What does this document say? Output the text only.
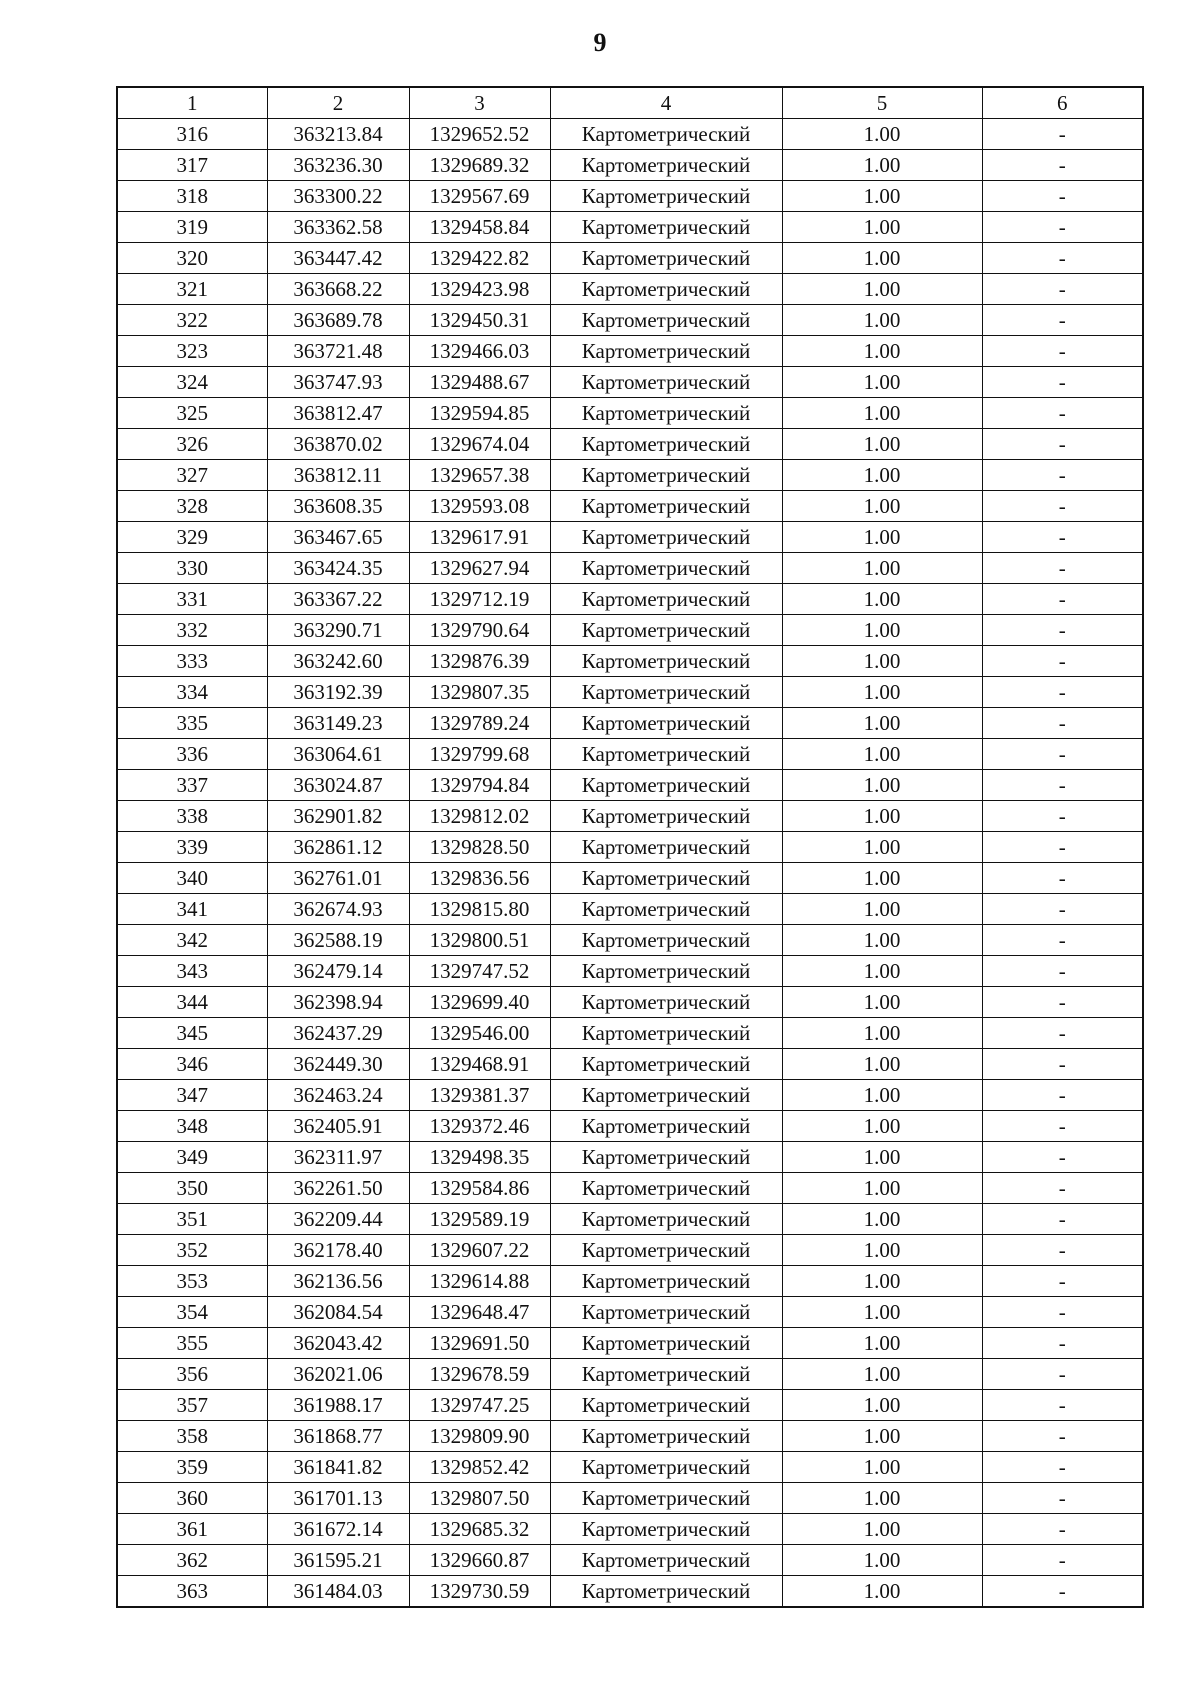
9
1	2	3	4	5	6
316	363213.84	1329652.52	Картометрический	1.00	-
317	363236.30	1329689.32	Картометрический	1.00	-
318	363300.22	1329567.69	Картометрический	1.00	-
319	363362.58	1329458.84	Картометрический	1.00	-
320	363447.42	1329422.82	Картометрический	1.00	-
321	363668.22	1329423.98	Картометрический	1.00	-
322	363689.78	1329450.31	Картометрический	1.00	-
323	363721.48	1329466.03	Картометрический	1.00	-
324	363747.93	1329488.67	Картометрический	1.00	-
325	363812.47	1329594.85	Картометрический	1.00	-
326	363870.02	1329674.04	Картометрический	1.00	-
327	363812.11	1329657.38	Картометрический	1.00	-
328	363608.35	1329593.08	Картометрический	1.00	-
329	363467.65	1329617.91	Картометрический	1.00	-
330	363424.35	1329627.94	Картометрический	1.00	-
331	363367.22	1329712.19	Картометрический	1.00	-
332	363290.71	1329790.64	Картометрический	1.00	-
333	363242.60	1329876.39	Картометрический	1.00	-
334	363192.39	1329807.35	Картометрический	1.00	-
335	363149.23	1329789.24	Картометрический	1.00	-
336	363064.61	1329799.68	Картометрический	1.00	-
337	363024.87	1329794.84	Картометрический	1.00	-
338	362901.82	1329812.02	Картометрический	1.00	-
339	362861.12	1329828.50	Картометрический	1.00	-
340	362761.01	1329836.56	Картометрический	1.00	-
341	362674.93	1329815.80	Картометрический	1.00	-
342	362588.19	1329800.51	Картометрический	1.00	-
343	362479.14	1329747.52	Картометрический	1.00	-
344	362398.94	1329699.40	Картометрический	1.00	-
345	362437.29	1329546.00	Картометрический	1.00	-
346	362449.30	1329468.91	Картометрический	1.00	-
347	362463.24	1329381.37	Картометрический	1.00	-
348	362405.91	1329372.46	Картометрический	1.00	-
349	362311.97	1329498.35	Картометрический	1.00	-
350	362261.50	1329584.86	Картометрический	1.00	-
351	362209.44	1329589.19	Картометрический	1.00	-
352	362178.40	1329607.22	Картометрический	1.00	-
353	362136.56	1329614.88	Картометрический	1.00	-
354	362084.54	1329648.47	Картометрический	1.00	-
355	362043.42	1329691.50	Картометрический	1.00	-
356	362021.06	1329678.59	Картометрический	1.00	-
357	361988.17	1329747.25	Картометрический	1.00	-
358	361868.77	1329809.90	Картометрический	1.00	-
359	361841.82	1329852.42	Картометрический	1.00	-
360	361701.13	1329807.50	Картометрический	1.00	-
361	361672.14	1329685.32	Картометрический	1.00	-
362	361595.21	1329660.87	Картометрический	1.00	-
363	361484.03	1329730.59	Картометрический	1.00	-
